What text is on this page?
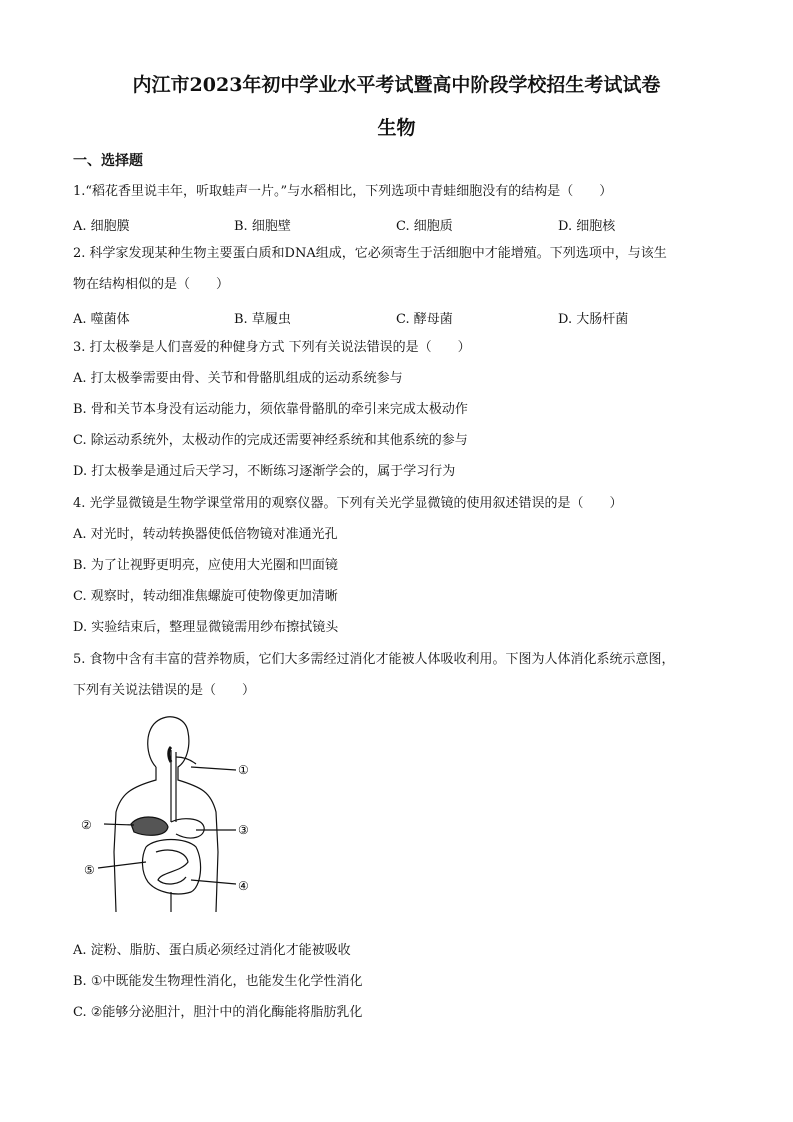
内江市2023年初中学业水平考试暨高中阶段学校招生考试试卷
生物
一、选择题
1.“稻花香里说丰年，听取蛙声一片。”与水稻相比，下列选项中青蛙细胞没有的结构是（　　）
A. 细胞膜	B. 细胞壁	C. 细胞质	D. 细胞核
2. 科学家发现某种生物主要蛋白质和DNA组成，它必须寄生于活细胞中才能增殖。下列选项中，与该生
物在结构相似的是（　　）
A. 噬菌体	B. 草履虫	C. 酵母菌	D. 大肠杆菌
3. 打太极拳是人们喜爱的种健身方式 下列有关说法错误的是（　　）
A. 打太极拳需要由骨、关节和骨骼肌组成的运动系统参与
B. 骨和关节本身没有运动能力，须依靠骨骼肌的牵引来完成太极动作
C. 除运动系统外，太极动作的完成还需要神经系统和其他系统的参与
D. 打太极拳是通过后天学习，不断练习逐渐学会的，属于学习行为
4. 光学显微镜是生物学课堂常用的观察仪器。下列有关光学显微镜的使用叙述错误的是（　　）
A. 对光时，转动转换器使低倍物镜对准通光孔
B. 为了让视野更明亮，应使用大光圈和凹面镜
C. 观察时，转动细准焦螺旋可使物像更加清晰
D. 实验结束后，整理显微镜需用纱布擦拭镜头
5. 食物中含有丰富的营养物质，它们大多需经过消化才能被人体吸收利用。下图为人体消化系统示意图，
下列有关说法错误的是（　　）
①
②	③
④
⑤
A. 淀粉、脂肪、蛋白质必须经过消化才能被吸收
B. ①中既能发生物理性消化，也能发生化学性消化
C. ②能够分泌胆汁，胆汁中的消化酶能将脂肪乳化
